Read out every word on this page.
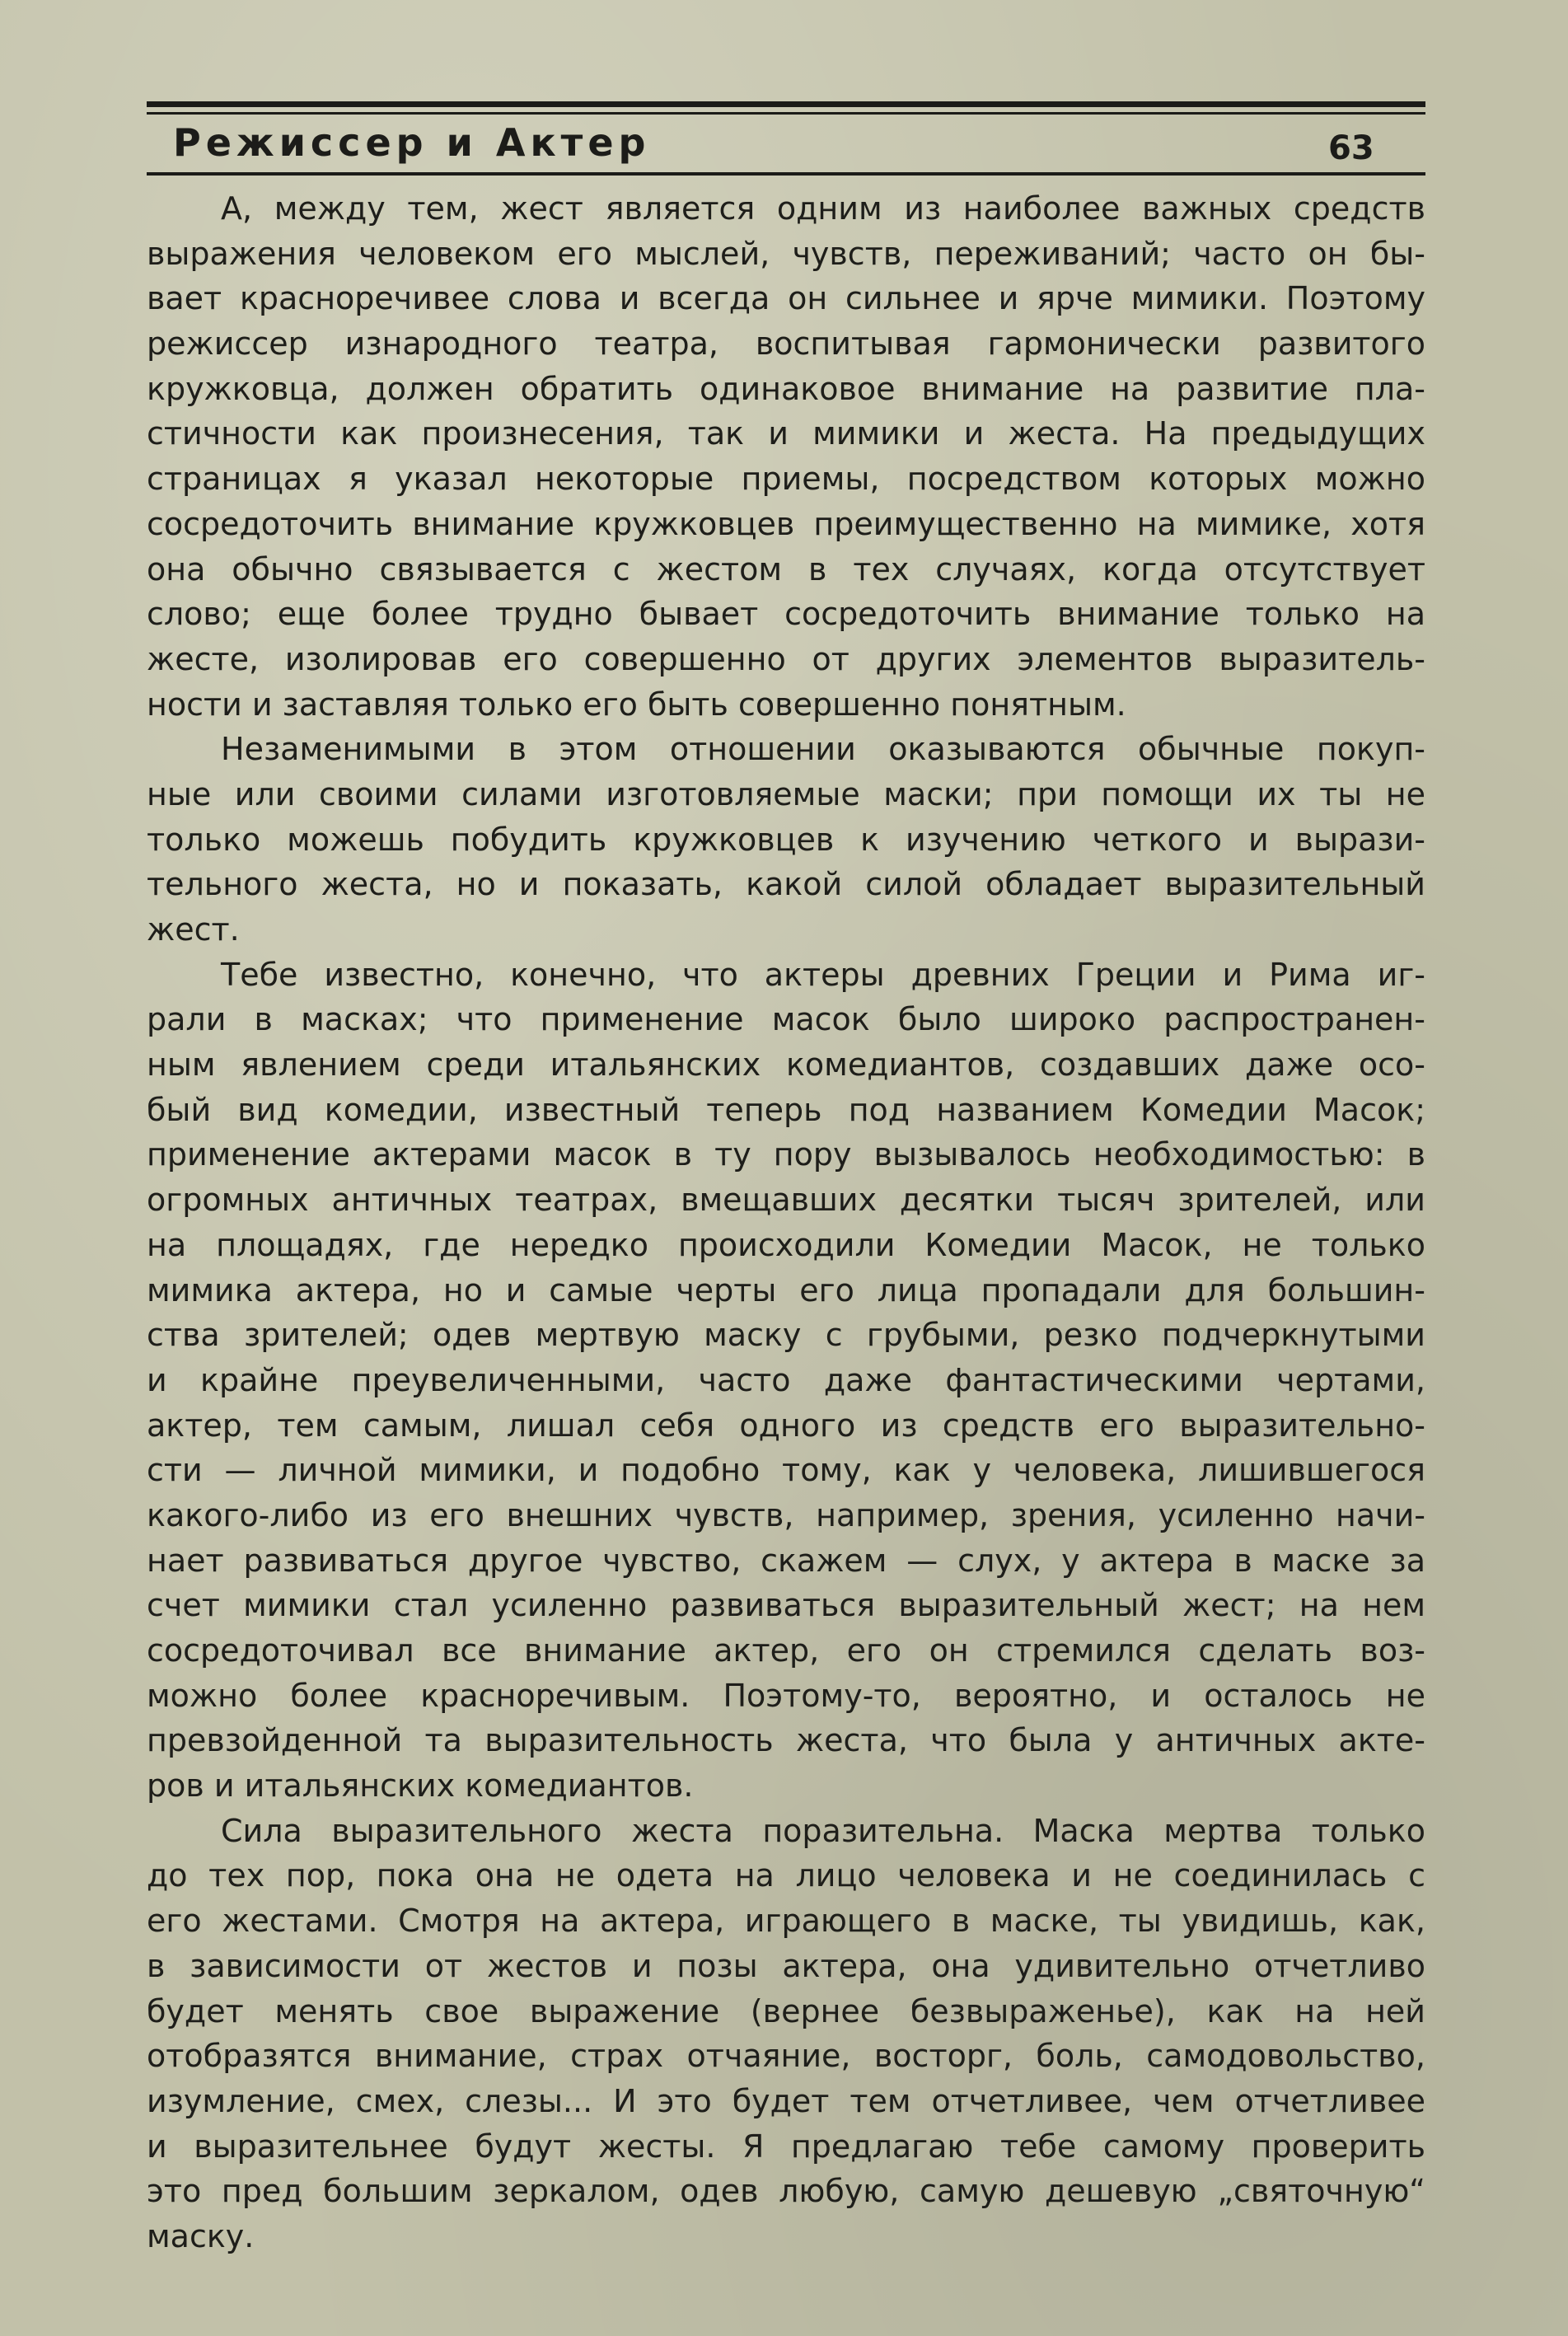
Режиссер и Актер	63
А, между тем, жест является одним из наиболее важных средств
выражения человеком его мыслей, чувств, переживаний; часто он бы-
вает красноречивее слова и всегда он сильнее и ярче мимики. Поэтому
режиссер изнародного театра, воспитывая гармонически развитого
кружковца, должен обратить одинаковое внимание на развитие пла-
стичности как произнесения, так и мимики и жеста. На предыдущих
страницах я указал некоторые приемы, посредством которых можно
сосредоточить внимание кружковцев преимущественно на мимике, хотя
она обычно связывается с жестом в тех случаях, когда отсутствует
слово; еще более трудно бывает сосредоточить внимание только на
жесте, изолировав его совершенно от других элементов выразитель-
ности и заставляя только его быть совершенно понятным.
Незаменимыми в этом отношении оказываются обычные покуп-
ные или своими силами изготовляемые маски; при помощи их ты не
только можешь побудить кружковцев к изучению четкого и вырази-
тельного жеста, но и показать, какой силой обладает выразительный
жест.
Тебе известно, конечно, что актеры древних Греции и Рима иг-
рали в масках; что применение масок было широко распространен-
ным явлением среди итальянских комедиантов, создавших даже осо-
бый вид комедии, известный теперь под названием Комедии Масок;
применение актерами масок в ту пору вызывалось необходимостью: в
огромных античных театрах, вмещавших десятки тысяч зрителей, или
на площадях, где нередко происходили Комедии Масок, не только
мимика актера, но и самые черты его лица пропадали для большин-
ства зрителей; одев мертвую маску с грубыми, резко подчеркнутыми
и крайне преувеличенными, часто даже фантастическими чертами,
актер, тем самым, лишал себя одного из средств его выразительно-
сти — личной мимики, и подобно тому, как у человека, лишившегося
какого-либо из его внешних чувств, например, зрения, усиленно начи-
нает развиваться другое чувство, скажем — слух, у актера в маске за
счет мимики стал усиленно развиваться выразительный жест; на нем
сосредоточивал все внимание актер, его он стремился сделать воз-
можно более красноречивым. Поэтому-то, вероятно, и осталось не
превзойденной та выразительность жеста, что была у античных акте-
ров и итальянских комедиантов.
Сила выразительного жеста поразительна. Маска мертва только
до тех пор, пока она не одета на лицо человека и не соединилась с
его жестами. Смотря на актера, играющего в маске, ты увидишь, как,
в зависимости от жестов и позы актера, она удивительно отчетливо
будет менять свое выражение (вернее безвыраженье), как на ней
отобразятся внимание, страх отчаяние, восторг, боль, самодовольство,
изумление, смех, слезы... И это будет тем отчетливее, чем отчетливее
и выразительнее будут жесты. Я предлагаю тебе самому проверить
это пред большим зеркалом, одев любую, самую дешевую „святочную“
маску.
